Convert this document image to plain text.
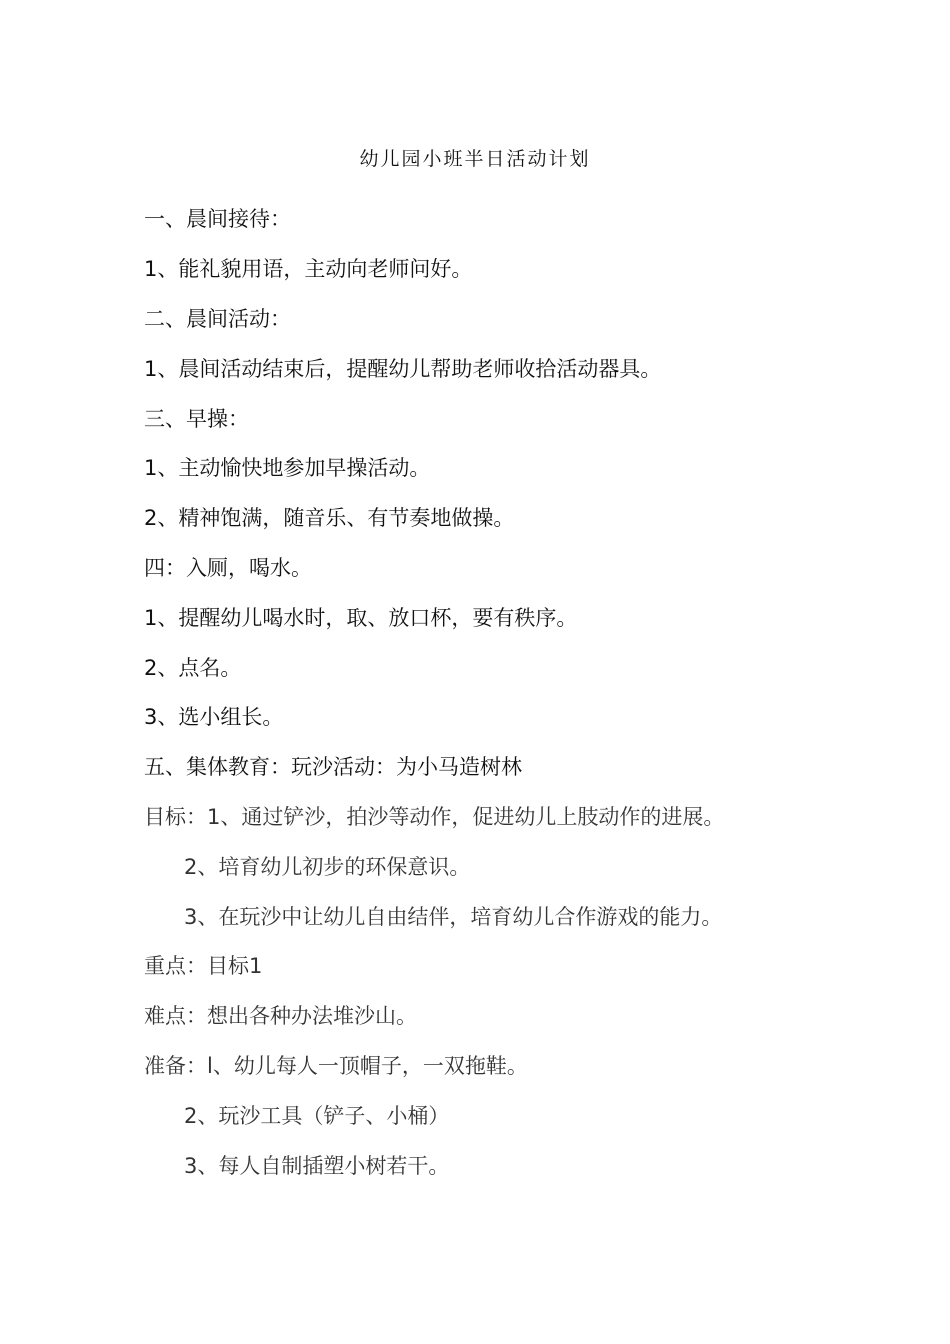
幼儿园小班半日活动计划
一、晨间接待：
1、能礼貌用语，主动向老师问好。
二、晨间活动：
1、晨间活动结束后，提醒幼儿帮助老师收拾活动器具。
三、早操：
1、主动愉快地参加早操活动。
2、精神饱满，随音乐、有节奏地做操。
四：入厕，喝水。
1、提醒幼儿喝水时，取、放口杯，要有秩序。
2、点名。
3、选小组长。
五、集体教育：玩沙活动：为小马造树林
目标：1、通过铲沙，拍沙等动作，促进幼儿上肢动作的进展。
2、培育幼儿初步的环保意识。
3、在玩沙中让幼儿自由结伴，培育幼儿合作游戏的能力。
重点：目标1
难点：想出各种办法堆沙山。
准备：l、幼儿每人一顶帽子，一双拖鞋。
2、玩沙工具（铲子、小桶）
3、每人自制插塑小树若干。
